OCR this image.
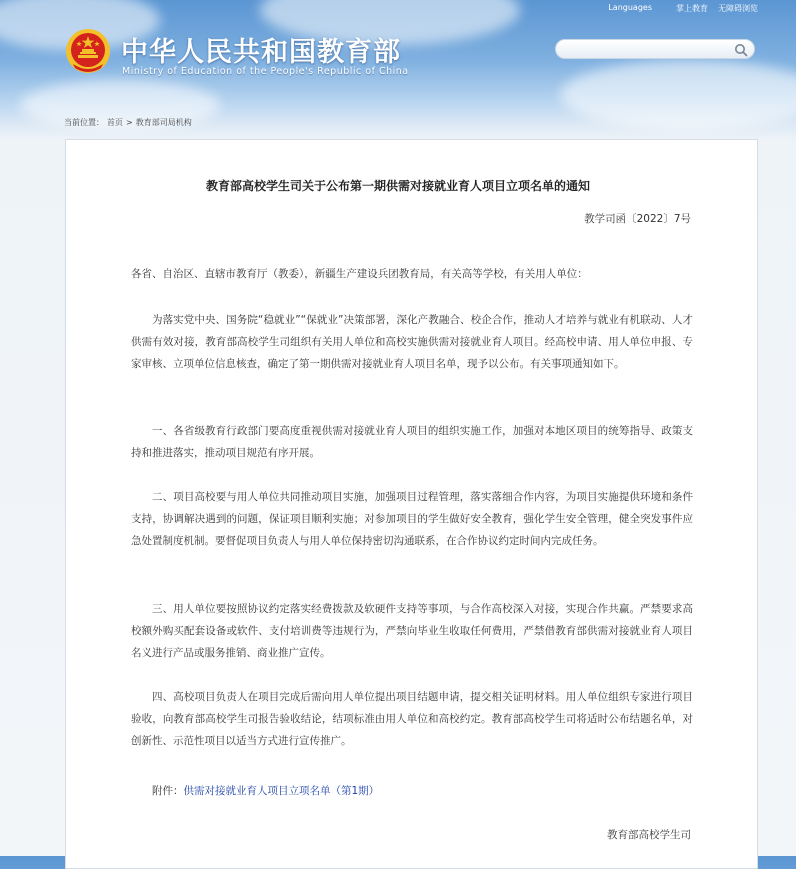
Languages	掌上教育 无障碍浏览
中华人民共和国教育部
Ministry of Education of the People's Republic of China
当前位置： 首页 > 教育部司局机构
教育部高校学生司关于公布第一期供需对接就业育人项目立项名单的通知
教学司函〔2022〕7号
各省、自治区、直辖市教育厅（教委），新疆生产建设兵团教育局，有关高等学校，有关用人单位：

为落实党中央、国务院“稳就业”“保就业”决策部署，深化产教融合、校企合作，推动人才培养与就业有机联动、人才供需有效对接，教育部高校学生司组织有关用人单位和高校实施供需对接就业育人项目。经高校申请、用人单位申报、专家审核、立项单位信息核查，确定了第一期供需对接就业育人项目名单，现予以公布。有关事项通知如下。

一、各省级教育行政部门要高度重视供需对接就业育人项目的组织实施工作，加强对本地区项目的统筹指导、政策支持和推进落实，推动项目规范有序开展。

二、项目高校要与用人单位共同推动项目实施，加强项目过程管理，落实落细合作内容，为项目实施提供环境和条件支持，协调解决遇到的问题，保证项目顺利实施；对参加项目的学生做好安全教育，强化学生安全管理，健全突发事件应急处置制度机制。要督促项目负责人与用人单位保持密切沟通联系，在合作协议约定时间内完成任务。

三、用人单位要按照协议约定落实经费拨款及软硬件支持等事项，与合作高校深入对接，实现合作共赢。严禁要求高校额外购买配套设备或软件、支付培训费等违规行为，严禁向毕业生收取任何费用，严禁借教育部供需对接就业育人项目名义进行产品或服务推销、商业推广宣传。

四、高校项目负责人在项目完成后需向用人单位提出项目结题申请，提交相关证明材料。用人单位组织专家进行项目验收，向教育部高校学生司报告验收结论，结项标准由用人单位和高校约定。教育部高校学生司将适时公布结题名单，对创新性、示范性项目以适当方式进行宣传推广。

附件：供需对接就业育人项目立项名单（第1期）
教育部高校学生司
